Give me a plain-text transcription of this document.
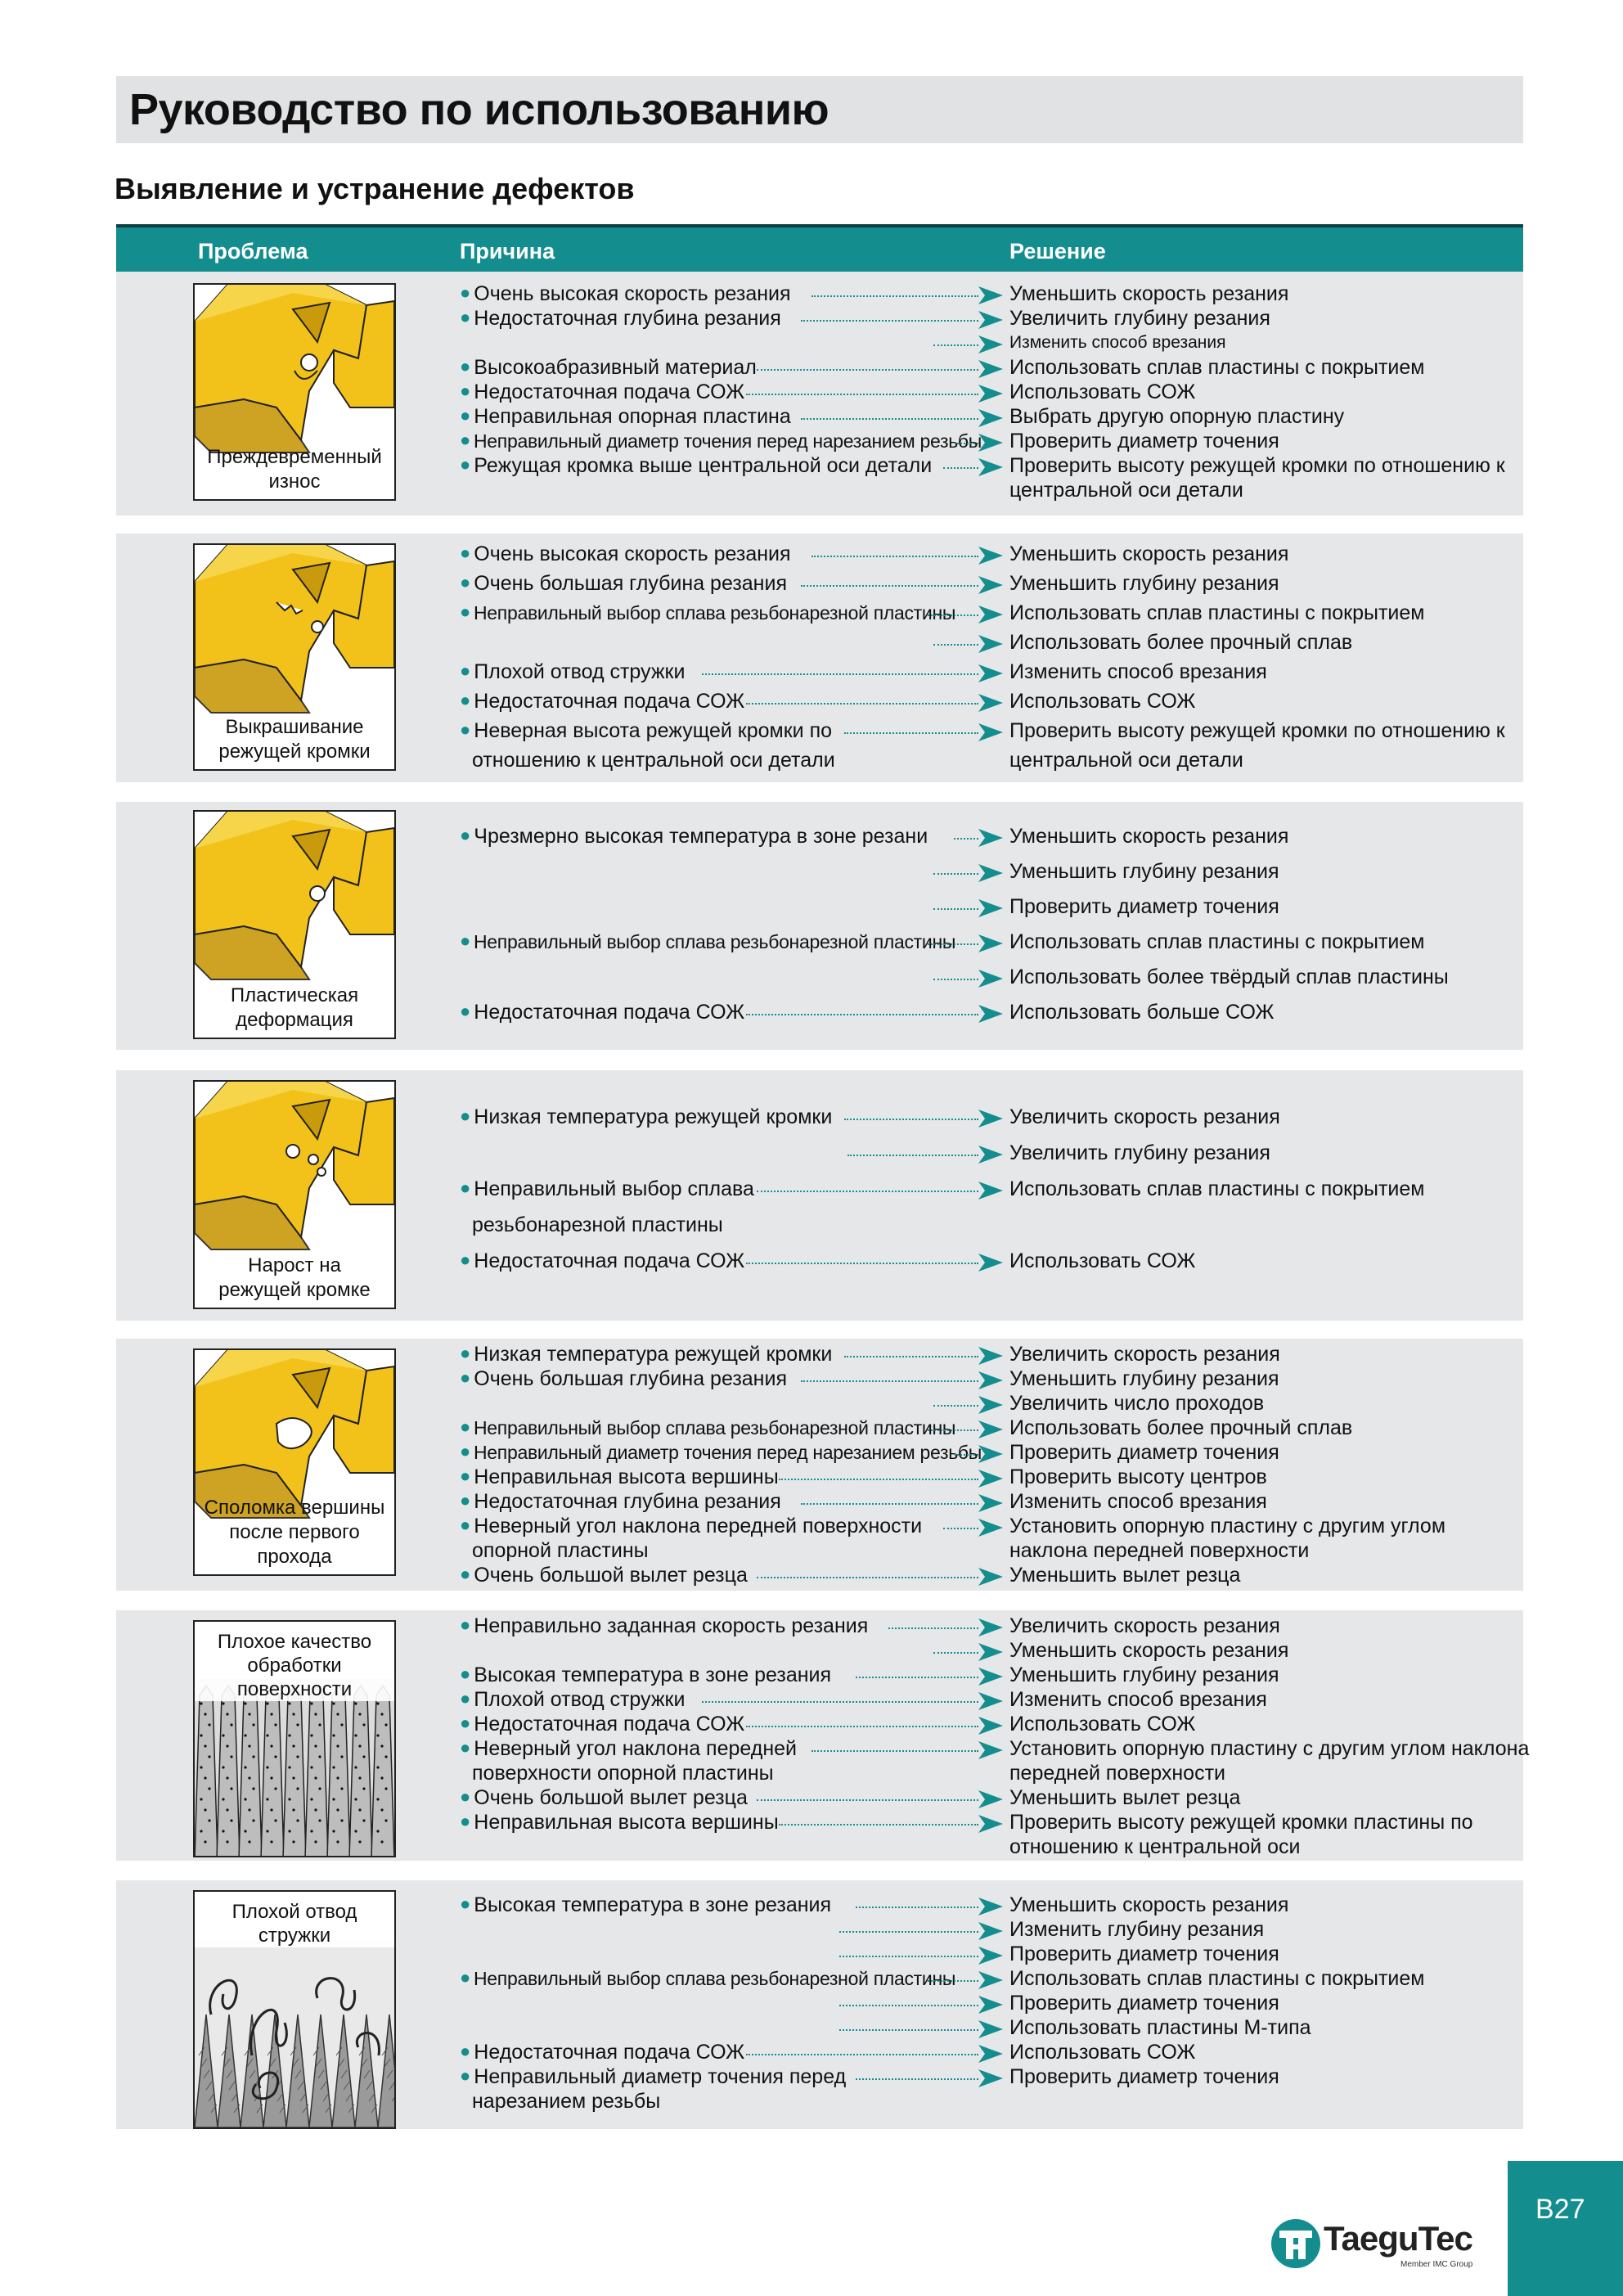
Руководство по использованию
Выявление и устранение дефектов
Проблема	Причина	Решение
Преждевременный
износ
● Очень высокая скорость резания	Уменьшить скорость резания
● Недостаточная глубина резания	Увеличить глубину резания
Изменить способ врезания
● Высокоабразивный материал	Использовать сплав пластины с покрытием
● Недостаточная подача СОЖ	Использовать СОЖ
● Неправильная опорная пластина	Выбрать другую опорную пластину
● Неправильный диаметр точения перед нарезанием резьбы Проверить диаметр точения
● Режущая кромка выше центральной оси детали	Проверить высоту режущей кромки по отношению к
центральной оси детали
Выкрашивание
режущей кромки
● Очень высокая скорость резания	Уменьшить скорость резания
● Очень большая глубина резания	Уменьшить глубину резания
● Неправильный выбор сплава резьбонарезной пластины	Использовать сплав пластины с покрытием
Использовать более прочный сплав
● Плохой отвод стружки	Изменить способ врезания
● Недостаточная подача СОЖ	Использовать СОЖ
● Неверная высота режущей кромки по	Проверить высоту режущей кромки по отношению к
отношению к центральной оси детали	центральной оси детали
Пластическая
деформация
● Чрезмерно высокая температура в зоне резани	Уменьшить скорость резания
Уменьшить глубину резания
Проверить диаметр точения
● Неправильный выбор сплава резьбонарезной пластины	Использовать сплав пластины с покрытием
Использовать более твёрдый сплав пластины
● Недостаточная подача СОЖ	Использовать больше СОЖ
Нарост на
режущей кромке
● Низкая температура режущей кромки	Увеличить скорость резания
Увеличить глубину резания
● Неправильный выбор сплава	Использовать сплав пластины с покрытием
резьбонарезной пластины
● Недостаточная подача СОЖ	Использовать СОЖ
Споломка вершины
после первого прохода
● Низкая температура режущей кромки	Увеличить скорость резания
● Очень большая глубина резания	Уменьшить глубину резания
Увеличить число проходов
● Неправильный выбор сплава резьбонарезной пластины	Использовать более прочный сплав
● Неправильный диаметр точения перед нарезанием резьбы Проверить диаметр точения
● Неправильная высота вершины	Проверить высоту центров
● Недостаточная глубина резания	Изменить способ врезания
● Неверный угол наклона передней поверхности	Установить опорную пластину с другим углом
опорной пластины	наклона передней поверхности
● Очень большой вылет резца	Уменьшить вылет резца
Плохое качество
обработки поверхности
● Неправильно заданная скорость резания	Увеличить скорость резания
Уменьшить скорость резания
● Высокая температура в зоне резания	Уменьшить глубину резания
● Плохой отвод стружки	Изменить способ врезания
● Недостаточная подача СОЖ	Использовать СОЖ
● Неверный угол наклона передней	Установить опорную пластину с другим углом наклона
поверхности опорной пластины	передней поверхности
● Очень большой вылет резца	Уменьшить вылет резца
● Неправильная высота вершины	Проверить высоту режущей кромки пластины по
отношению к центральной оси
Плохой отвод стружки
● Высокая температура в зоне резания	Уменьшить скорость резания
Изменить глубину резания
Проверить диаметр точения
● Неправильный выбор сплава резьбонарезной пластины	Использовать сплав пластины с покрытием
Проверить диаметр точения
Использовать пластины М-типа
● Недостаточная подача СОЖ	Использовать СОЖ
● Неправильный диаметр точения перед	Проверить диаметр точения
нарезанием резьбы
TaeguTec
Member IMC Group
B27
